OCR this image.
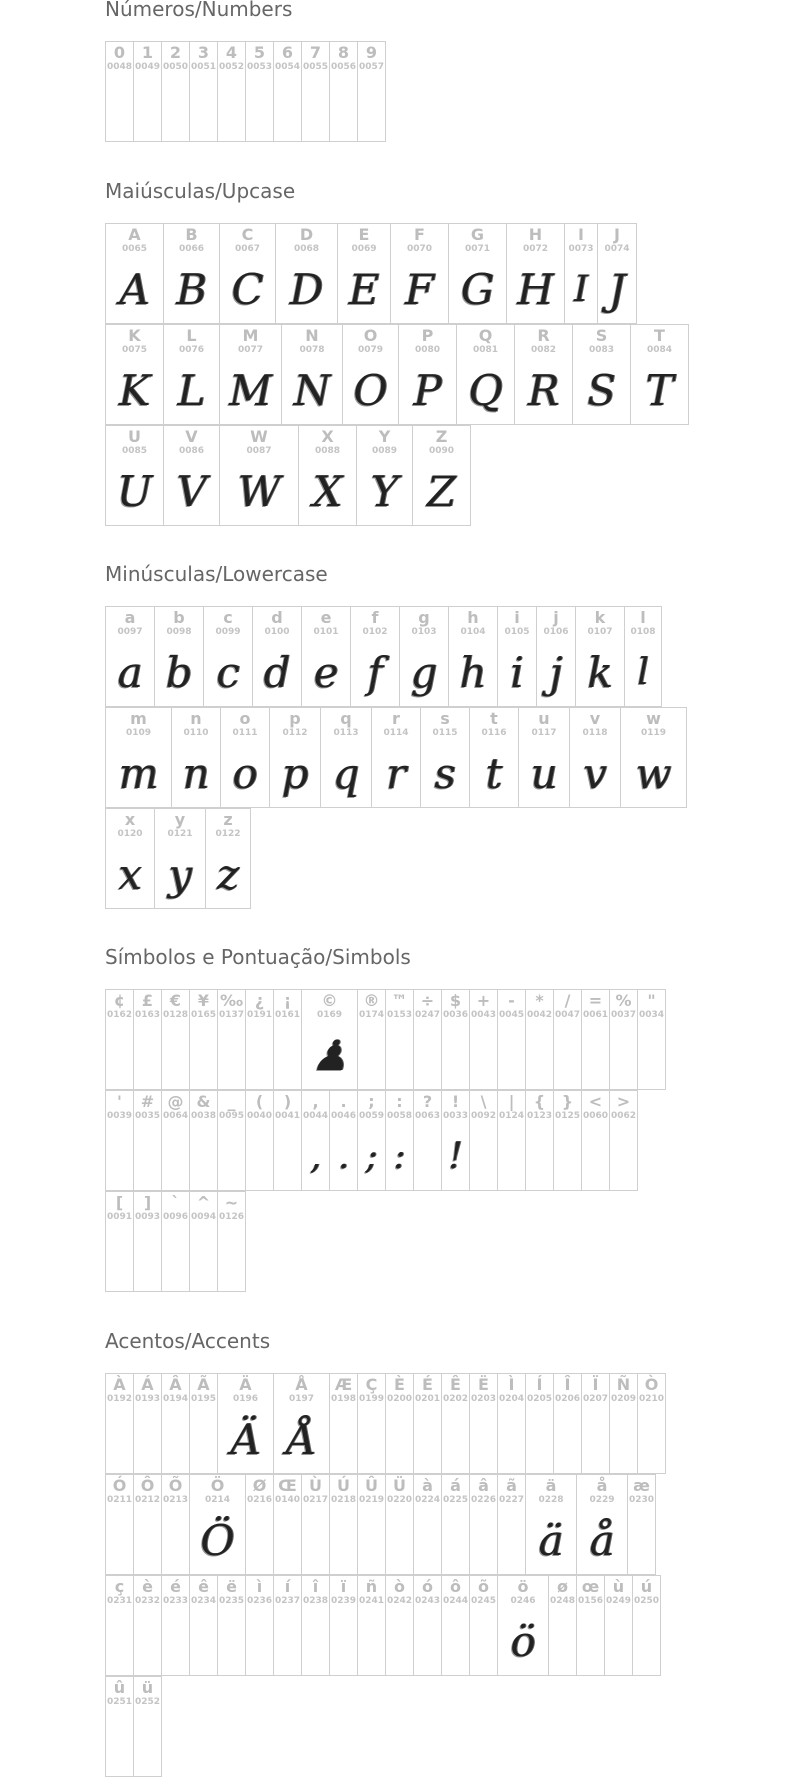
Números/Numbers
0
0048
1
0049
2
0050
3
0051
4
0052
5
0053
6
0054
7
0055
8
0056
9
0057
Maiúsculas/Upcase
A
0065
A
B
0066
B
C
0067
C
D
0068
D
E
0069
E
F
0070
F
G
0071
G
H
0072
H
I
0073
I
J
0074
J
K
0075
K
L
0076
L
M
0077
M
N
0078
N
O
0079
O
P
0080
P
Q
0081
Q
R
0082
R
S
0083
S
T
0084
T
U
0085
U
V
0086
V
W
0087
W
X
0088
X
Y
0089
Y
Z
0090
Z
Minúsculas/Lowercase
a
0097
a
b
0098
b
c
0099
c
d
0100
d
e
0101
e
f
0102
f
g
0103
g
h
0104
h
i
0105
i
j
0106
j
k
0107
k
l
0108
l
m
0109
m
n
0110
n
o
0111
o
p
0112
p
q
0113
q
r
0114
r
s
0115
s
t
0116
t
u
0117
u
v
0118
v
w
0119
w
x
0120
x
y
0121
y
z
0122
z
Símbolos e Pontuação/Simbols
¢
0162
£
0163
€
0128
¥
0165
‰
0137
¿
0191
¡
0161
©
0169
♟
®
0174
™
0153
÷
0247
$
0036
+
0043
-
0045
*
0042
/
0047
=
0061
%
0037
"
0034
'
0039
#
0035
@
0064
&
0038
_
0095
(
0040
)
0041
,
0044
,
.
0046
.
;
0059
;
:
0058
:
?
0063
!
0033
!
\
0092
|
0124
{
0123
}
0125
<
0060
>
0062
[
0091
]
0093
`
0096
^
0094
~
0126
Acentos/Accents
À
0192
Á
0193
Â
0194
Ã
0195
Ä
0196
Ä
Å
0197
Å
Æ
0198
Ç
0199
È
0200
É
0201
Ê
0202
Ë
0203
Ì
0204
Í
0205
Î
0206
Ï
0207
Ñ
0209
Ò
0210
Ó
0211
Ô
0212
Õ
0213
Ö
0214
Ö
Ø
0216
Œ
0140
Ù
0217
Ú
0218
Û
0219
Ü
0220
à
0224
á
0225
â
0226
ã
0227
ä
0228
ä
å
0229
å
æ
0230
ç
0231
è
0232
é
0233
ê
0234
ë
0235
ì
0236
í
0237
î
0238
ï
0239
ñ
0241
ò
0242
ó
0243
ô
0244
õ
0245
ö
0246
ö
ø
0248
œ
0156
ù
0249
ú
0250
û
0251
ü
0252
